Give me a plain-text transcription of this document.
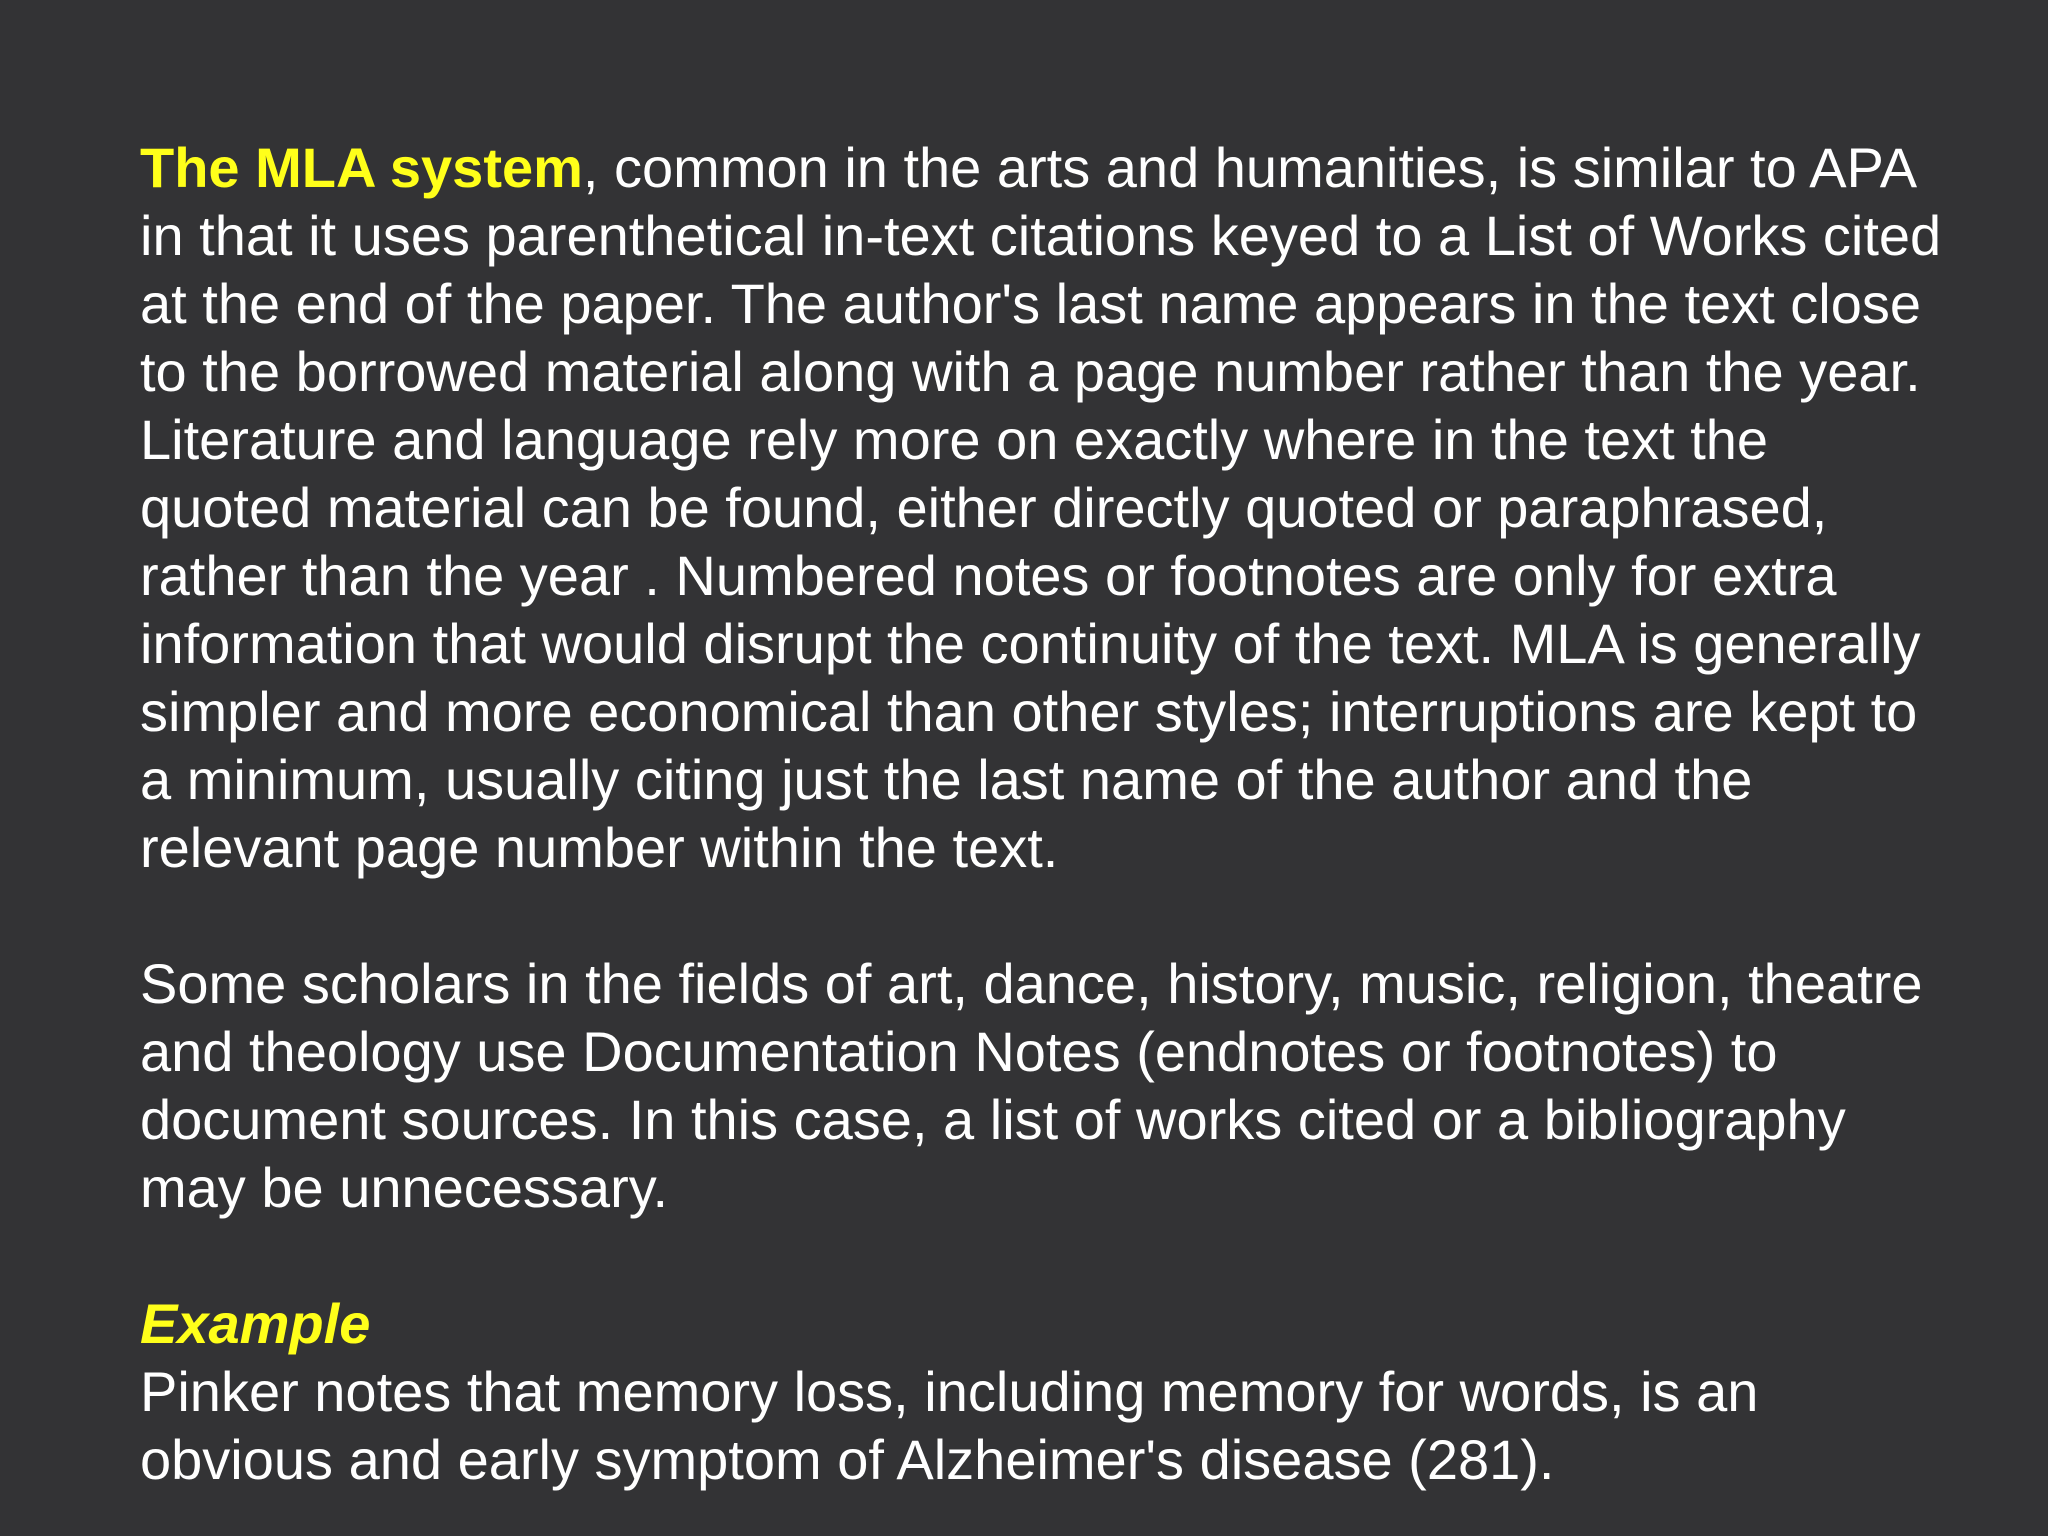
The MLA system, common in the arts and humanities, is similar to APA
in that it uses parenthetical in-text citations keyed to a List of Works cited
at the end of the paper. The author's last name appears in the text close
to the borrowed material along with a page number rather than the year.
Literature and language rely more on exactly where in the text the
quoted material can be found, either directly quoted or paraphrased,
rather than the year . Numbered notes or footnotes are only for extra
information that would disrupt the continuity of the text. MLA is generally
simpler and more economical than other styles; interruptions are kept to
a minimum, usually citing just the last name of the author and the
relevant page number within the text.

Some scholars in the fields of art, dance, history, music, religion, theatre
and theology use Documentation Notes (endnotes or footnotes) to
document sources. In this case, a list of works cited or a bibliography
may be unnecessary.

Example
Pinker notes that memory loss, including memory for words, is an
obvious and early symptom of Alzheimer's disease (281).
